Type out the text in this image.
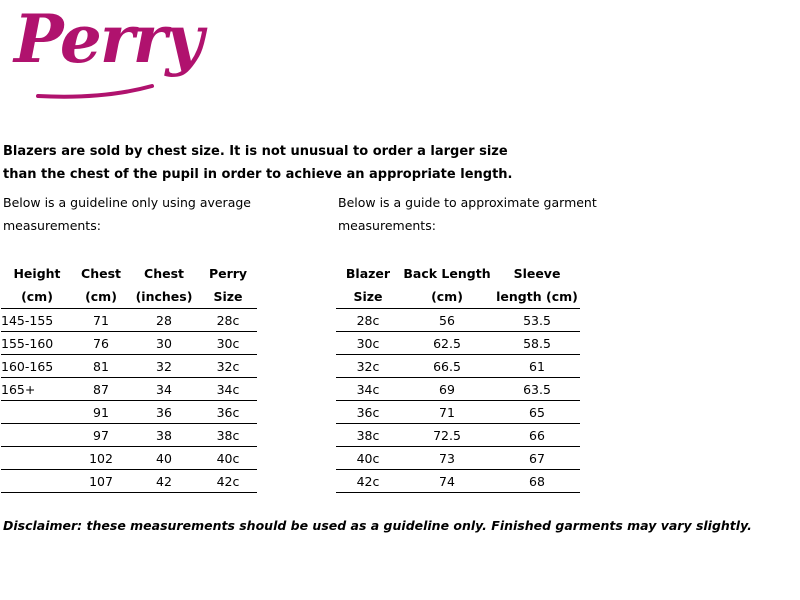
Perry
Blazers are sold by chest size. It is not unusual to order a larger size
than the chest of the pupil in order to achieve an appropriate length.
Below is a guideline only using average
measurements:
Below is a guide to approximate garment
measurements:
Height	Chest	Chest	Perry
(cm)	(cm)	(inches)	Size
145-155	71	28	28c
155-160	76	30	30c
160-165	81	32	32c
165+	87	34	34c
	91	36	36c
	97	38	38c
	102	40	40c
	107	42	42c
Blazer	Back Length	Sleeve
Size	(cm)	length (cm)
28c	56	53.5
30c	62.5	58.5
32c	66.5	61
34c	69	63.5
36c	71	65
38c	72.5	66
40c	73	67
42c	74	68
Disclaimer: these measurements should be used as a guideline only. Finished garments may vary slightly.
